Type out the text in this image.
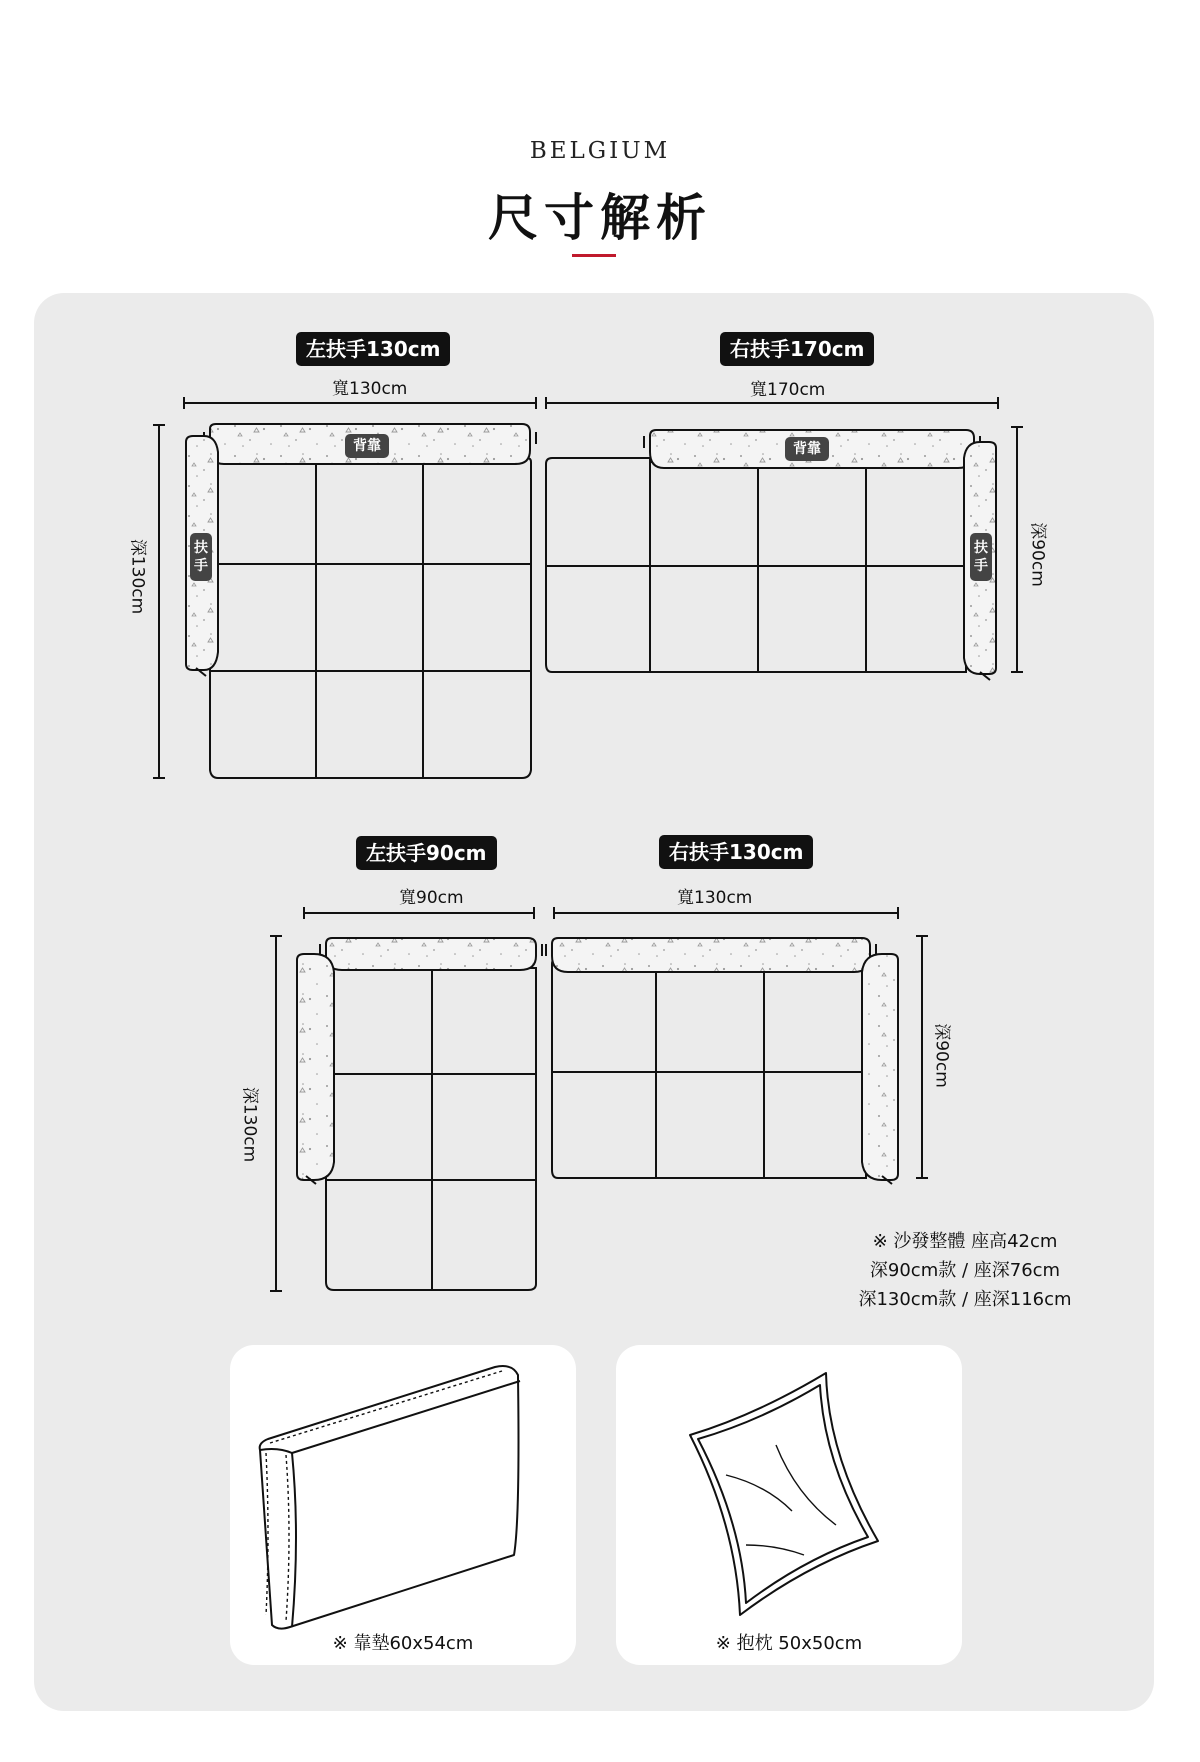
BELGIUM
尺寸解析
背靠	背靠
扶手
扶手
左扶手130cm	右扶手170cm
左扶手90cm	右扶手130cm
寬130cm	寬170cm
寬90cm	寬130cm
深130cm	深90cm
深130cm
深90cm
※ 沙發整體 座高42cm
深90cm款 / 座深76cm
深130cm款 / 座深116cm
※ 靠墊60x54cm	※ 抱枕 50x50cm
